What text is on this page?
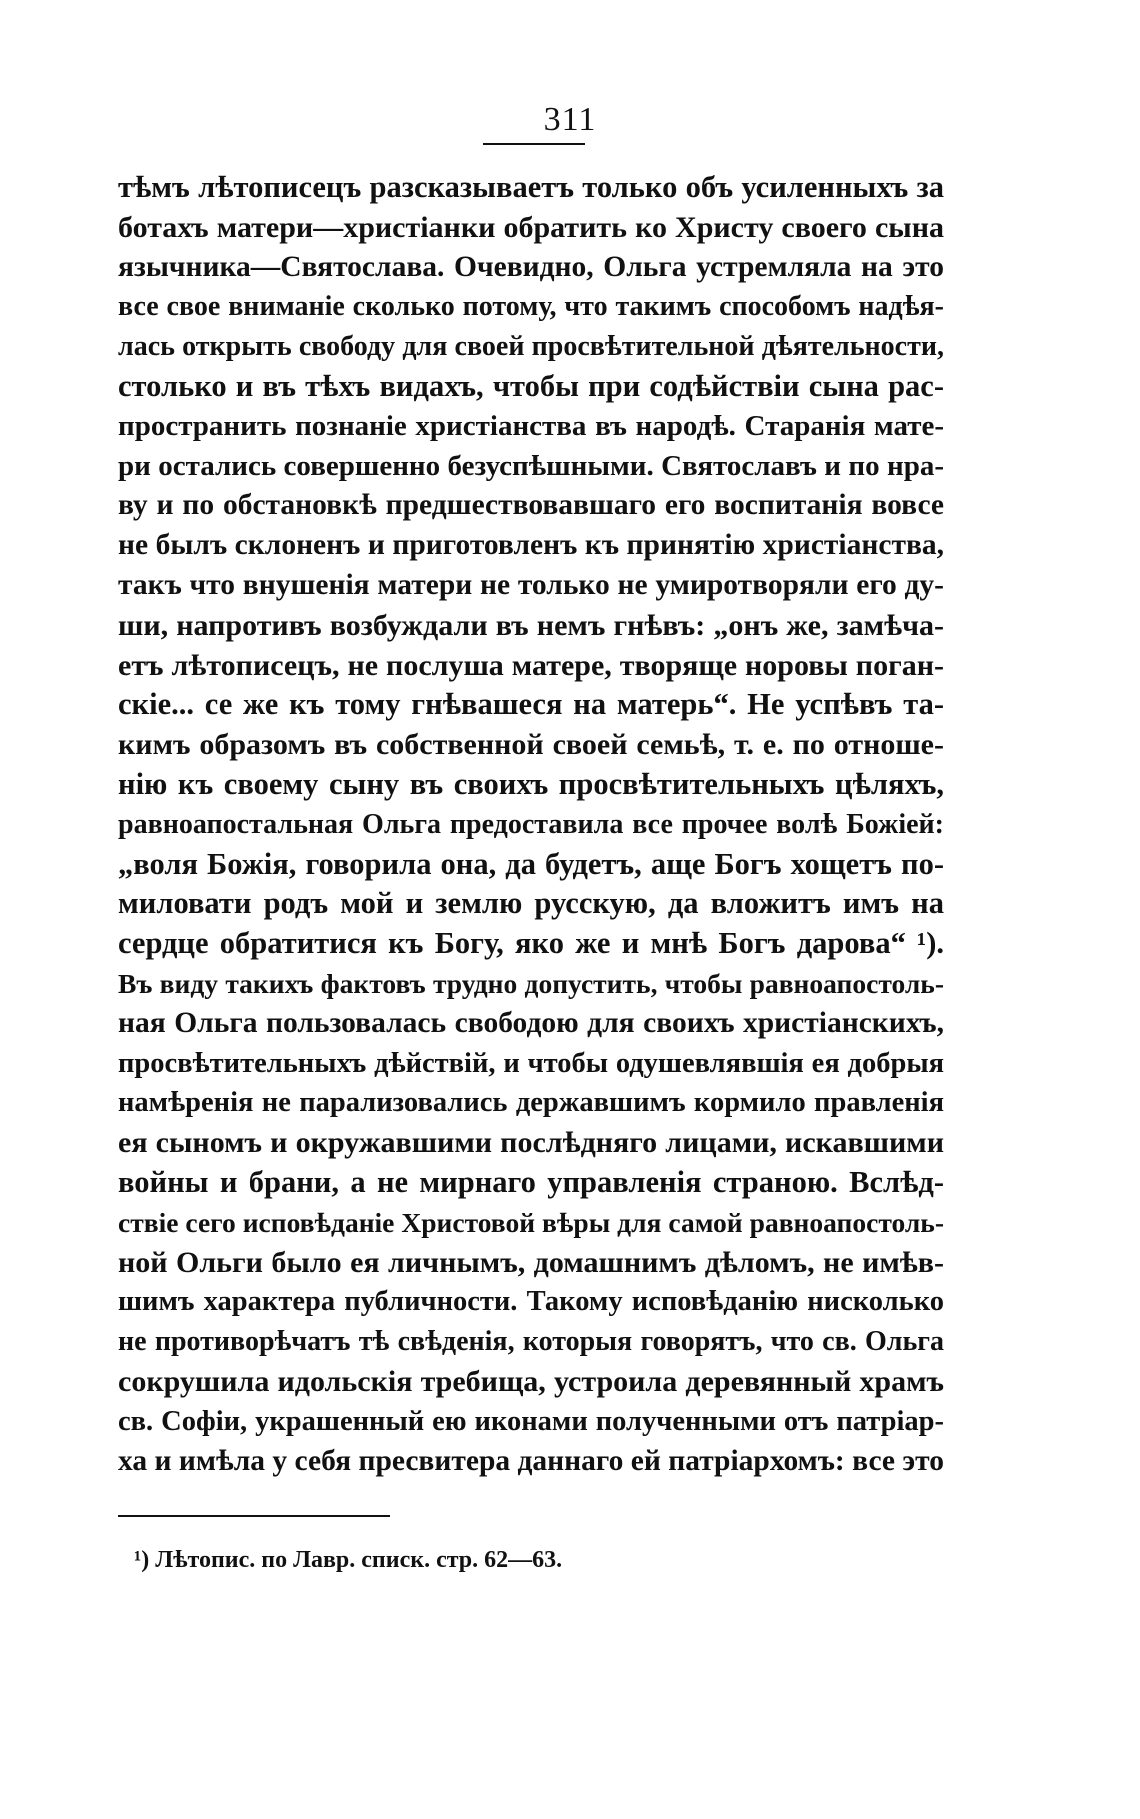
311
тѣмъ лѣтописецъ разсказываетъ только объ усиленныхъ за
ботахъ матери—христіанки обратить ко Христу своего сына
язычника—Святослава. Очевидно, Ольга устремляла на это
все свое вниманіе сколько потому, что такимъ способомъ надѣя-
лась открыть свободу для своей просвѣтительной дѣятельности,
столько и въ тѣхъ видахъ, чтобы при содѣйствіи сына рас-
пространить познаніе христіанства въ народѣ. Старанія мате-
ри остались совершенно безуспѣшными. Святославъ и по нра-
ву и по обстановкѣ предшествовавшаго его воспитанія вовсе
не былъ склоненъ и приготовленъ къ принятію христіанства,
такъ что внушенія матери не только не умиротворяли его ду-
ши, напротивъ возбуждали въ немъ гнѣвъ: „онъ же, замѣча-
етъ лѣтописецъ, не послуша матере, творяще норовы поган-
скіе... се же къ тому гнѣвашеся на матерь“. Не успѣвъ та-
кимъ образомъ въ собственной своей семьѣ, т. е. по отноше-
нію къ своему сыну въ своихъ просвѣтительныхъ цѣляхъ,
равноапостальная Ольга предоставила все прочее волѣ Божіей:
„воля Божія, говорила она, да будетъ, аще Богъ хощетъ по-
миловати родъ мой и землю русскую, да вложитъ имъ на
сердце обратитися къ Богу, яко же и мнѣ Богъ дарова“ ¹).
Въ виду такихъ фактовъ трудно допустить, чтобы равноапостоль-
ная Ольга пользовалась свободою для своихъ христіанскихъ,
просвѣтительныхъ дѣйствій, и чтобы одушевлявшія ея добрыя
намѣренія не парализовались державшимъ кормило правленія
ея сыномъ и окружавшими послѣдняго лицами, искавшими
войны и брани, а не мирнаго управленія страною. Вслѣд-
ствіе сего исповѣданіе Христовой вѣры для самой равноапостоль-
ной Ольги было ея личнымъ, домашнимъ дѣломъ, не имѣв-
шимъ характера публичности. Такому исповѣданію нисколько
не противорѣчатъ тѣ свѣденія, которыя говорятъ, что св. Ольга
сокрушила идольскія требища, устроила деревянный храмъ
св. Софіи, украшенный ею иконами полученными отъ патріар-
ха и имѣла у себя пресвитера даннаго ей патріархомъ: все это
¹) Лѣтопис. по Лавр. списк. стр. 62—63.
